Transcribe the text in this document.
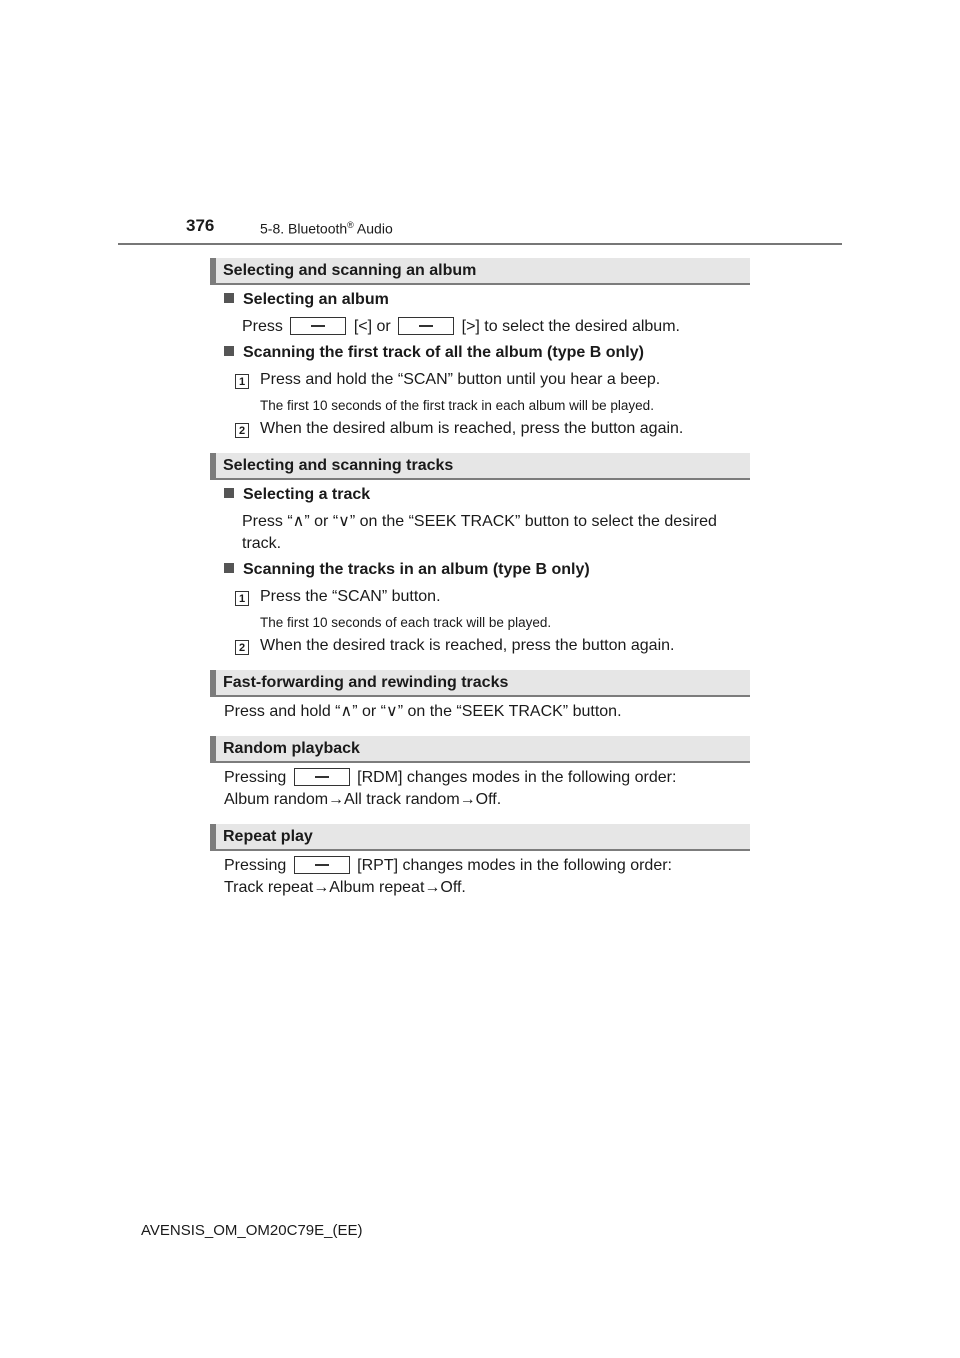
376	5-8. Bluetooth® Audio
Selecting and scanning an album
Selecting an album
Press	[<] or	[>] to select the desired album.
Scanning the first track of all the album (type B only)
1 Press and hold the “SCAN” button until you hear a beep.
The first 10 seconds of the first track in each album will be played.
2 When the desired album is reached, press the button again.
Selecting and scanning tracks
Selecting a track
Press “∧” or “∨” on the “SEEK TRACK” button to select the desired
track.
Scanning the tracks in an album (type B only)
1 Press the “SCAN” button.
The first 10 seconds of each track will be played.
2 When the desired track is reached, press the button again.
Fast-forwarding and rewinding tracks
Press and hold “∧” or “∨” on the “SEEK TRACK” button.
Random playback
Pressing	[RDM] changes modes in the following order:
Album random→All track random→Off.
Repeat play
Pressing	[RPT] changes modes in the following order:
Track repeat→Album repeat→Off.
AVENSIS_OM_OM20C79E_(EE)
